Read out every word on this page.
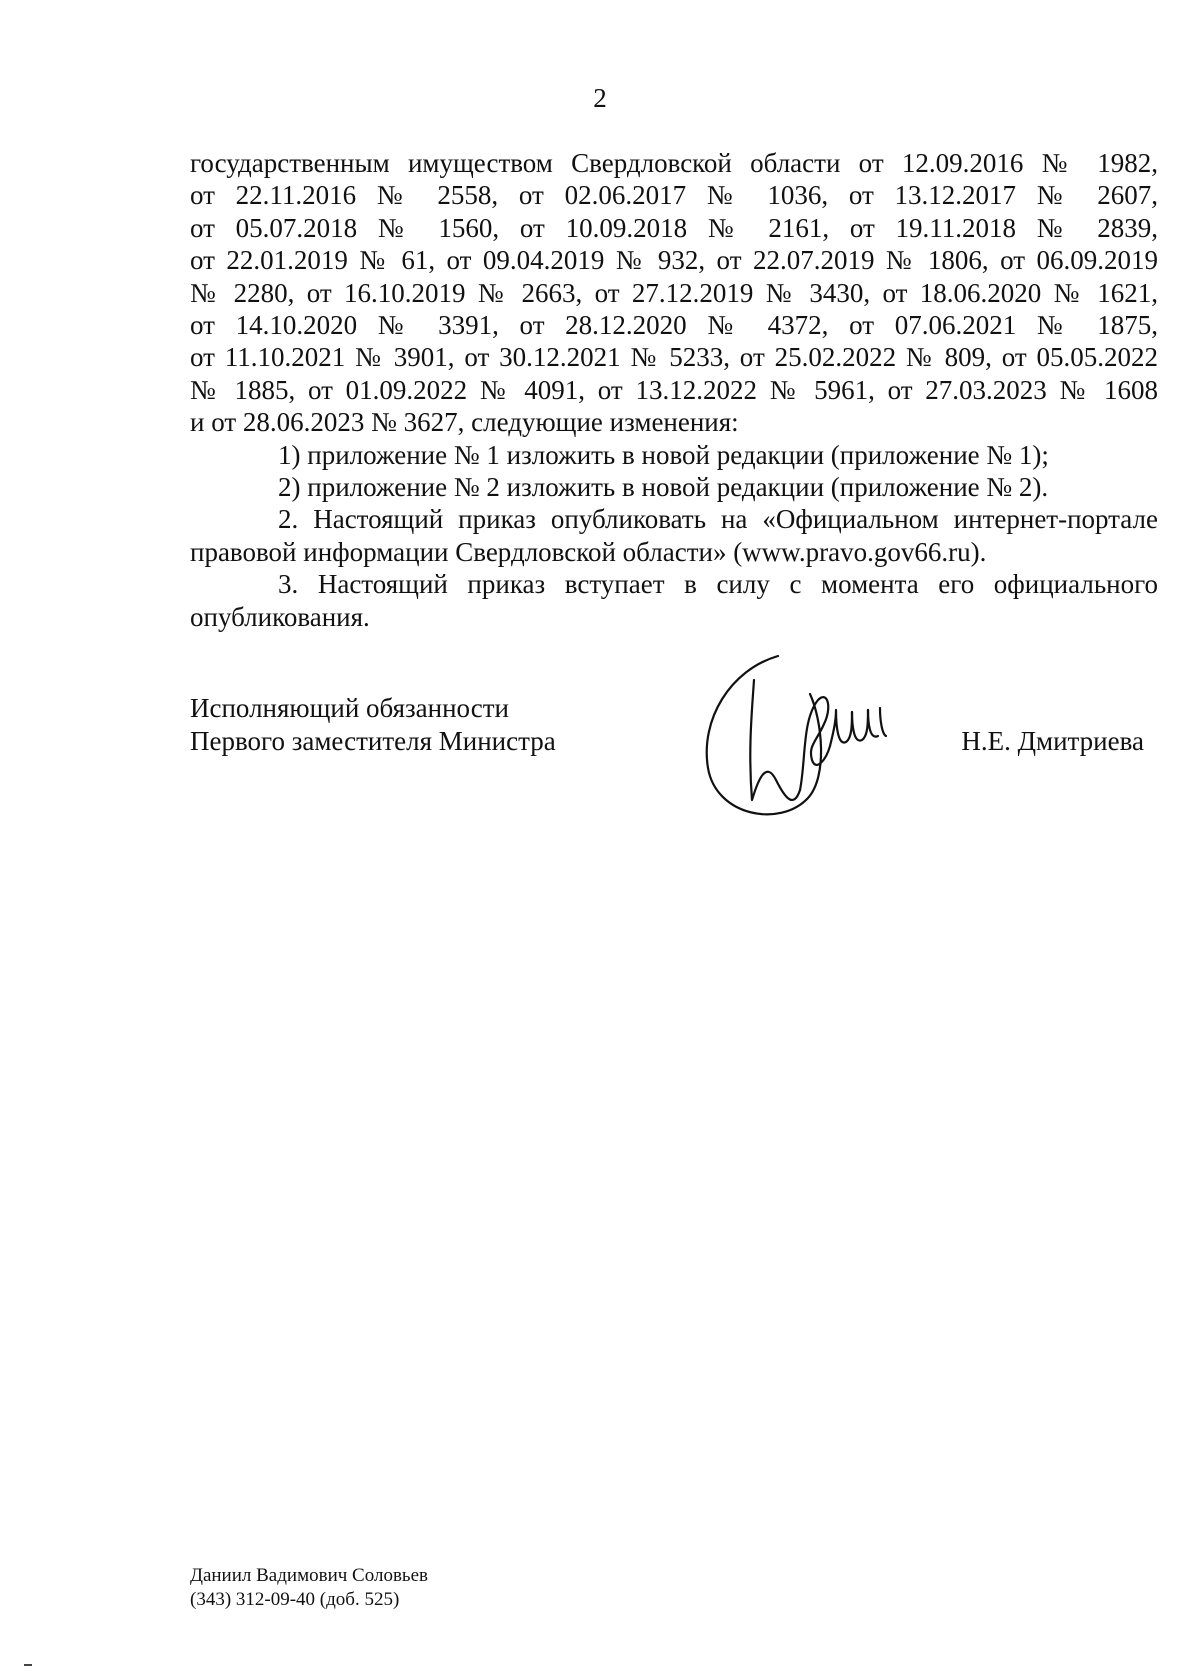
2

государственным имуществом Свердловской области от 12.09.2016 № 1982,
от 22.11.2016 № 2558, от 02.06.2017 № 1036, от 13.12.2017 № 2607,
от 05.07.2018 № 1560, от 10.09.2018 № 2161, от 19.11.2018 № 2839,
от 22.01.2019 № 61, от 09.04.2019 № 932, от 22.07.2019 № 1806, от 06.09.2019
№ 2280, от 16.10.2019 № 2663, от 27.12.2019 № 3430, от 18.06.2020 № 1621,
от 14.10.2020 № 3391, от 28.12.2020 № 4372, от 07.06.2021 № 1875,
от 11.10.2021 № 3901, от 30.12.2021 № 5233, от 25.02.2022 № 809, от 05.05.2022
№ 1885, от 01.09.2022 № 4091, от 13.12.2022 № 5961, от 27.03.2023 № 1608
и от 28.06.2023 № 3627, следующие изменения:

1) приложение № 1 изложить в новой редакции (приложение № 1);

2) приложение № 2 изложить в новой редакции (приложение № 2).

2. Настоящий приказ опубликовать на «Официальном интернет-портале
правовой информации Свердловской области» (www.pravo.gov66.ru).

3. Настоящий приказ вступает в силу с момента его официального
опубликования.

Исполняющий обязанности
Первого заместителя Министра	Н.Е. Дмитриева
Даниил Вадимович Соловьев
(343) 312-09-40 (доб. 525)
